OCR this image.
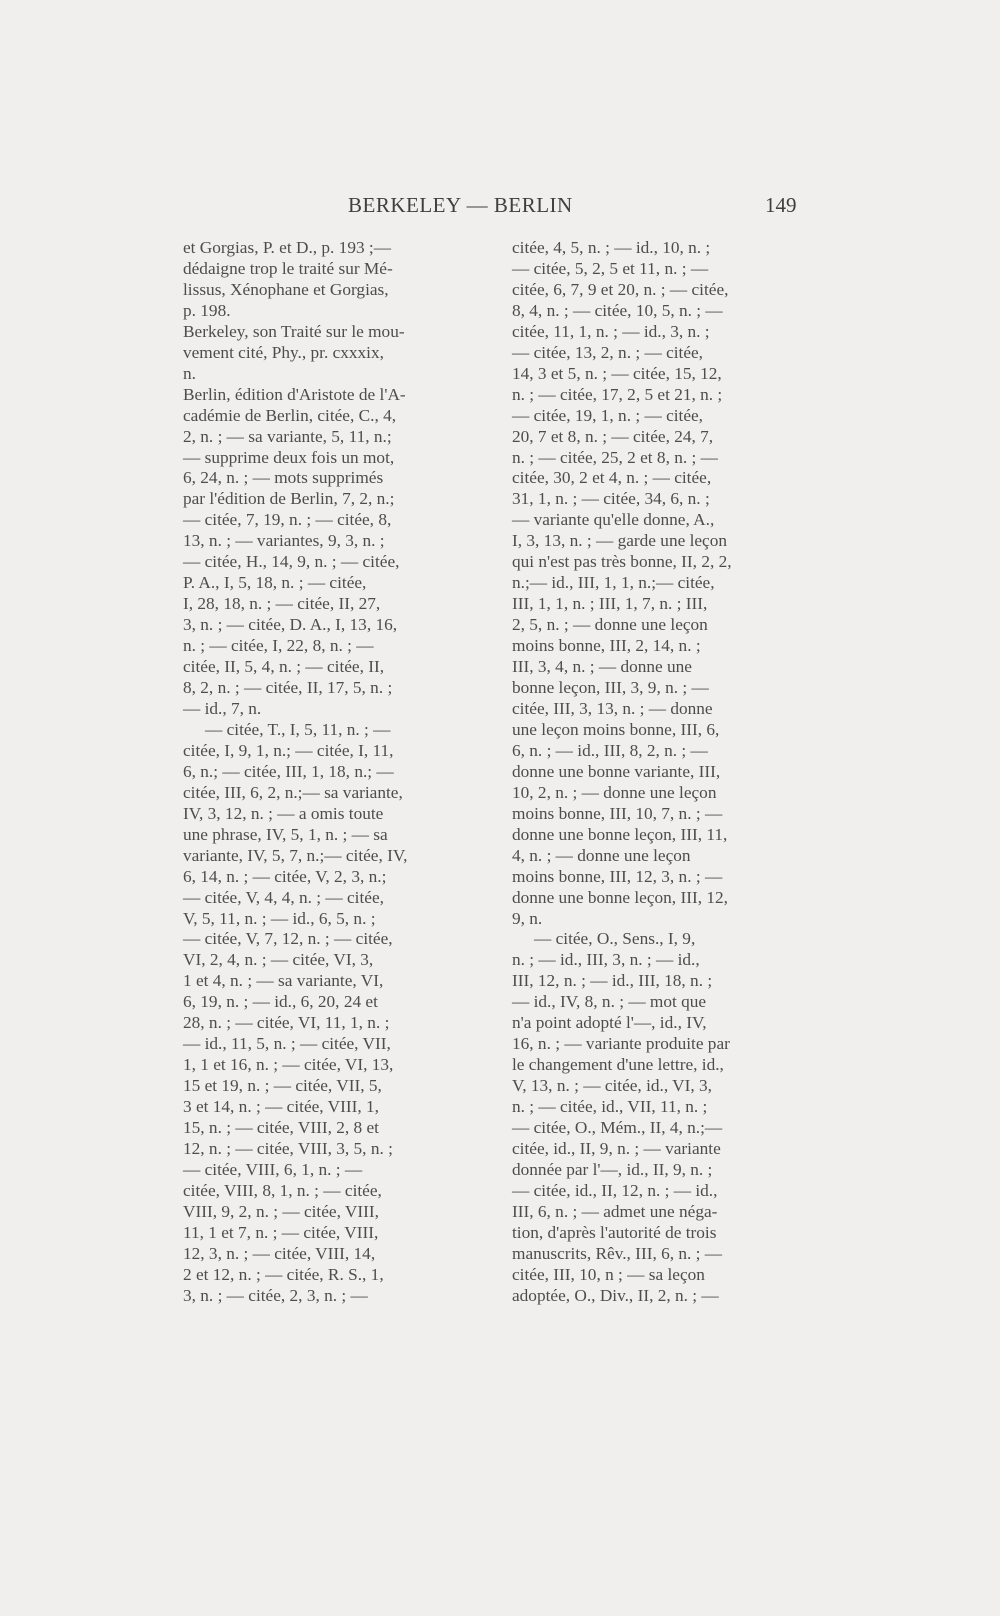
BERKELEY — BERLIN	149
et Gorgias, P. et D., p. 193 ;—
dédaigne trop le traité sur Mé-
lissus, Xénophane et Gorgias,
p. 198.
Berkeley, son Traité sur le mou-
vement cité, Phy., pr. cxxxix,
n.
Berlin, édition d'Aristote de l'A-
cadémie de Berlin, citée, C., 4,
2, n. ; — sa variante, 5, 11, n.;
— supprime deux fois un mot,
6, 24, n. ; — mots supprimés
par l'édition de Berlin, 7, 2, n.;
— citée, 7, 19, n. ; — citée, 8,
13, n. ; — variantes, 9, 3, n. ;
— citée, H., 14, 9, n. ; — citée,
P. A., I, 5, 18, n. ; — citée,
I, 28, 18, n. ; — citée, II, 27,
3, n. ; — citée, D. A., I, 13, 16,
n. ; — citée, I, 22, 8, n. ; —
citée, II, 5, 4, n. ; — citée, II,
8, 2, n. ; — citée, II, 17, 5, n. ;
— id., 7, n.
— citée, T., I, 5, 11, n. ; —
citée, I, 9, 1, n.; — citée, I, 11,
6, n.; — citée, III, 1, 18, n.; —
citée, III, 6, 2, n.;— sa variante,
IV, 3, 12, n. ; — a omis toute
une phrase, IV, 5, 1, n. ; — sa
variante, IV, 5, 7, n.;— citée, IV,
6, 14, n. ; — citée, V, 2, 3, n.;
— citée, V, 4, 4, n. ; — citée,
V, 5, 11, n. ; — id., 6, 5, n. ;
— citée, V, 7, 12, n. ; — citée,
VI, 2, 4, n. ; — citée, VI, 3,
1 et 4, n. ; — sa variante, VI,
6, 19, n. ; — id., 6, 20, 24 et
28, n. ; — citée, VI, 11, 1, n. ;
— id., 11, 5, n. ; — citée, VII,
1, 1 et 16, n. ; — citée, VI, 13,
15 et 19, n. ; — citée, VII, 5,
3 et 14, n. ; — citée, VIII, 1,
15, n. ; — citée, VIII, 2, 8 et
12, n. ; — citée, VIII, 3, 5, n. ;
— citée, VIII, 6, 1, n. ; —
citée, VIII, 8, 1, n. ; — citée,
VIII, 9, 2, n. ; — citée, VIII,
11, 1 et 7, n. ; — citée, VIII,
12, 3, n. ; — citée, VIII, 14,
2 et 12, n. ; — citée, R. S., 1,
3, n. ; — citée, 2, 3, n. ; —
citée, 4, 5, n. ; — id., 10, n. ;
— citée, 5, 2, 5 et 11, n. ; —
citée, 6, 7, 9 et 20, n. ; — citée,
8, 4, n. ; — citée, 10, 5, n. ; —
citée, 11, 1, n. ; — id., 3, n. ;
— citée, 13, 2, n. ; — citée,
14, 3 et 5, n. ; — citée, 15, 12,
n. ; — citée, 17, 2, 5 et 21, n. ;
— citée, 19, 1, n. ; — citée,
20, 7 et 8, n. ; — citée, 24, 7,
n. ; — citée, 25, 2 et 8, n. ; —
citée, 30, 2 et 4, n. ; — citée,
31, 1, n. ; — citée, 34, 6, n. ;
— variante qu'elle donne, A.,
I, 3, 13, n. ; — garde une leçon
qui n'est pas très bonne, II, 2, 2,
n.;— id., III, 1, 1, n.;— citée,
III, 1, 1, n. ; III, 1, 7, n. ; III,
2, 5, n. ; — donne une leçon
moins bonne, III, 2, 14, n. ;
III, 3, 4, n. ; — donne une
bonne leçon, III, 3, 9, n. ; —
citée, III, 3, 13, n. ; — donne
une leçon moins bonne, III, 6,
6, n. ; — id., III, 8, 2, n. ; —
donne une bonne variante, III,
10, 2, n. ; — donne une leçon
moins bonne, III, 10, 7, n. ; —
donne une bonne leçon, III, 11,
4, n. ; — donne une leçon
moins bonne, III, 12, 3, n. ; —
donne une bonne leçon, III, 12,
9, n.
— citée, O., Sens., I, 9,
n. ; — id., III, 3, n. ; — id.,
III, 12, n. ; — id., III, 18, n. ;
— id., IV, 8, n. ; — mot que
n'a point adopté l'—, id., IV,
16, n. ; — variante produite par
le changement d'une lettre, id.,
V, 13, n. ; — citée, id., VI, 3,
n. ; — citée, id., VII, 11, n. ;
— citée, O., Mém., II, 4, n.;—
citée, id., II, 9, n. ; — variante
donnée par l'—, id., II, 9, n. ;
— citée, id., II, 12, n. ; — id.,
III, 6, n. ; — admet une néga-
tion, d'après l'autorité de trois
manuscrits, Rêv., III, 6, n. ; —
citée, III, 10, n ; — sa leçon
adoptée, O., Div., II, 2, n. ; —
